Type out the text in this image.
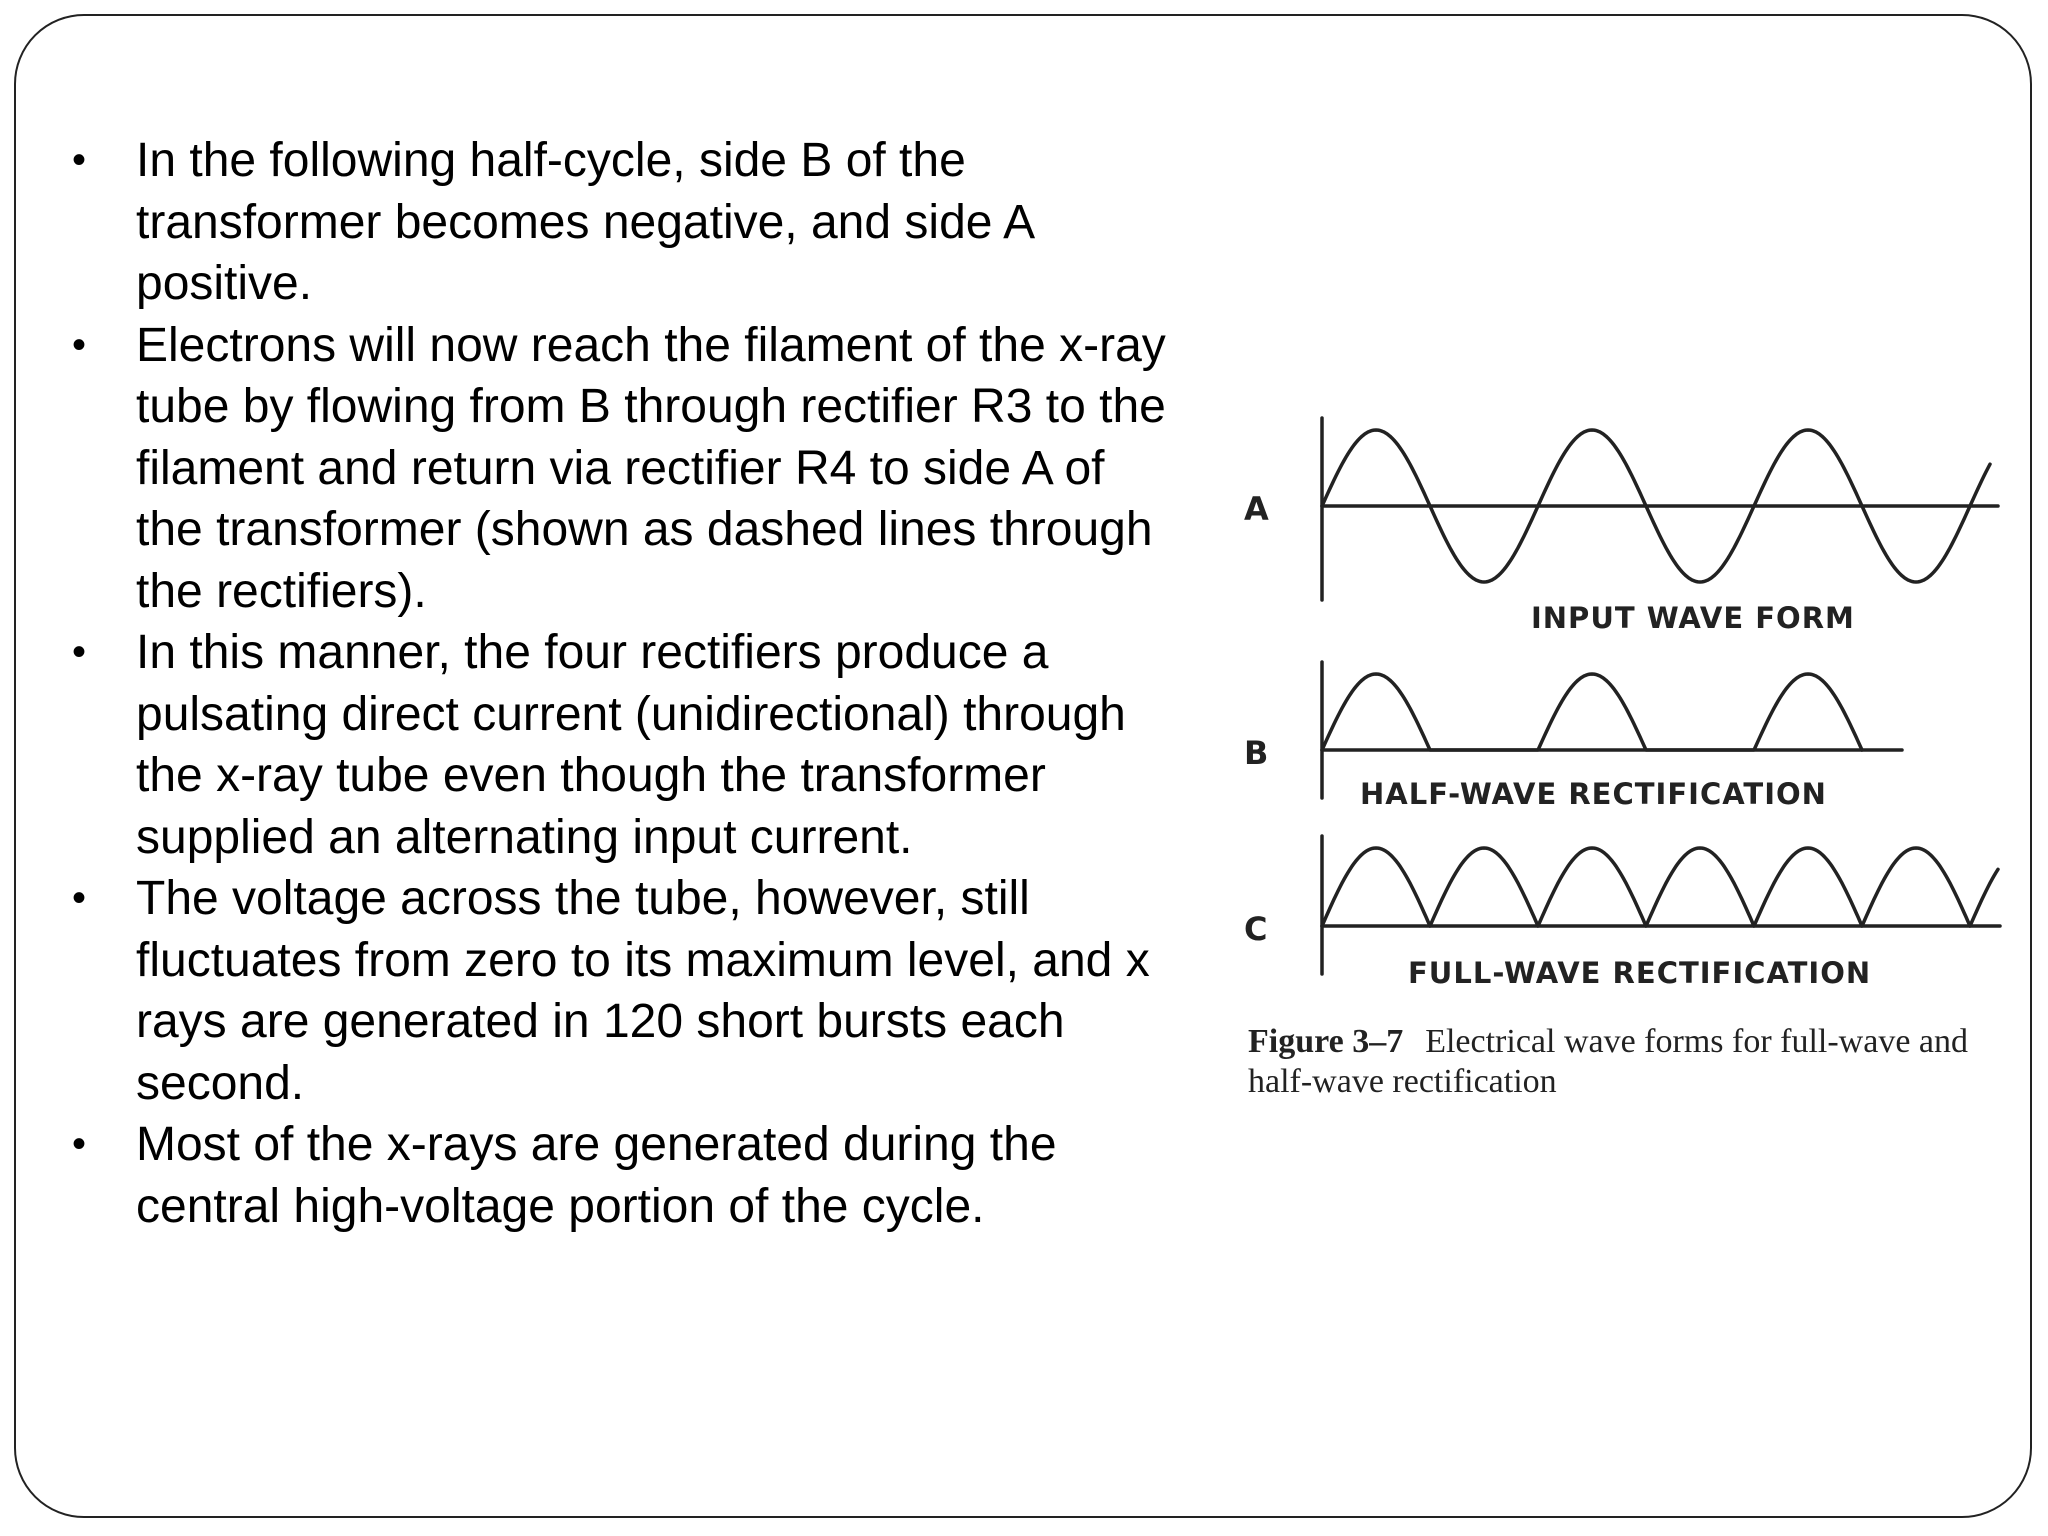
• In the following half-cycle, side B of the transformer becomes negative, and side A positive.
• Electrons will now reach the filament of the x-ray tube by flowing from B through rectifier R3 to the filament and return via rectifier R4 to side A of the transformer (shown as dashed lines through the rectifiers).
• In this manner, the four rectifiers produce a pulsating direct current (unidirectional) through the x-ray tube even though the transformer supplied an alternating input current.
• The voltage across the tube, however, still fluctuates from zero to its maximum level, and x rays are generated in 120 short bursts each second.
• Most of the x-rays are generated during the central high-voltage portion of the cycle.
A
B
C
INPUT WAVE FORM
HALF-WAVE RECTIFICATION
FULL-WAVE RECTIFICATION
Figure 3–7 Electrical wave forms for full-wave and half-wave rectification
